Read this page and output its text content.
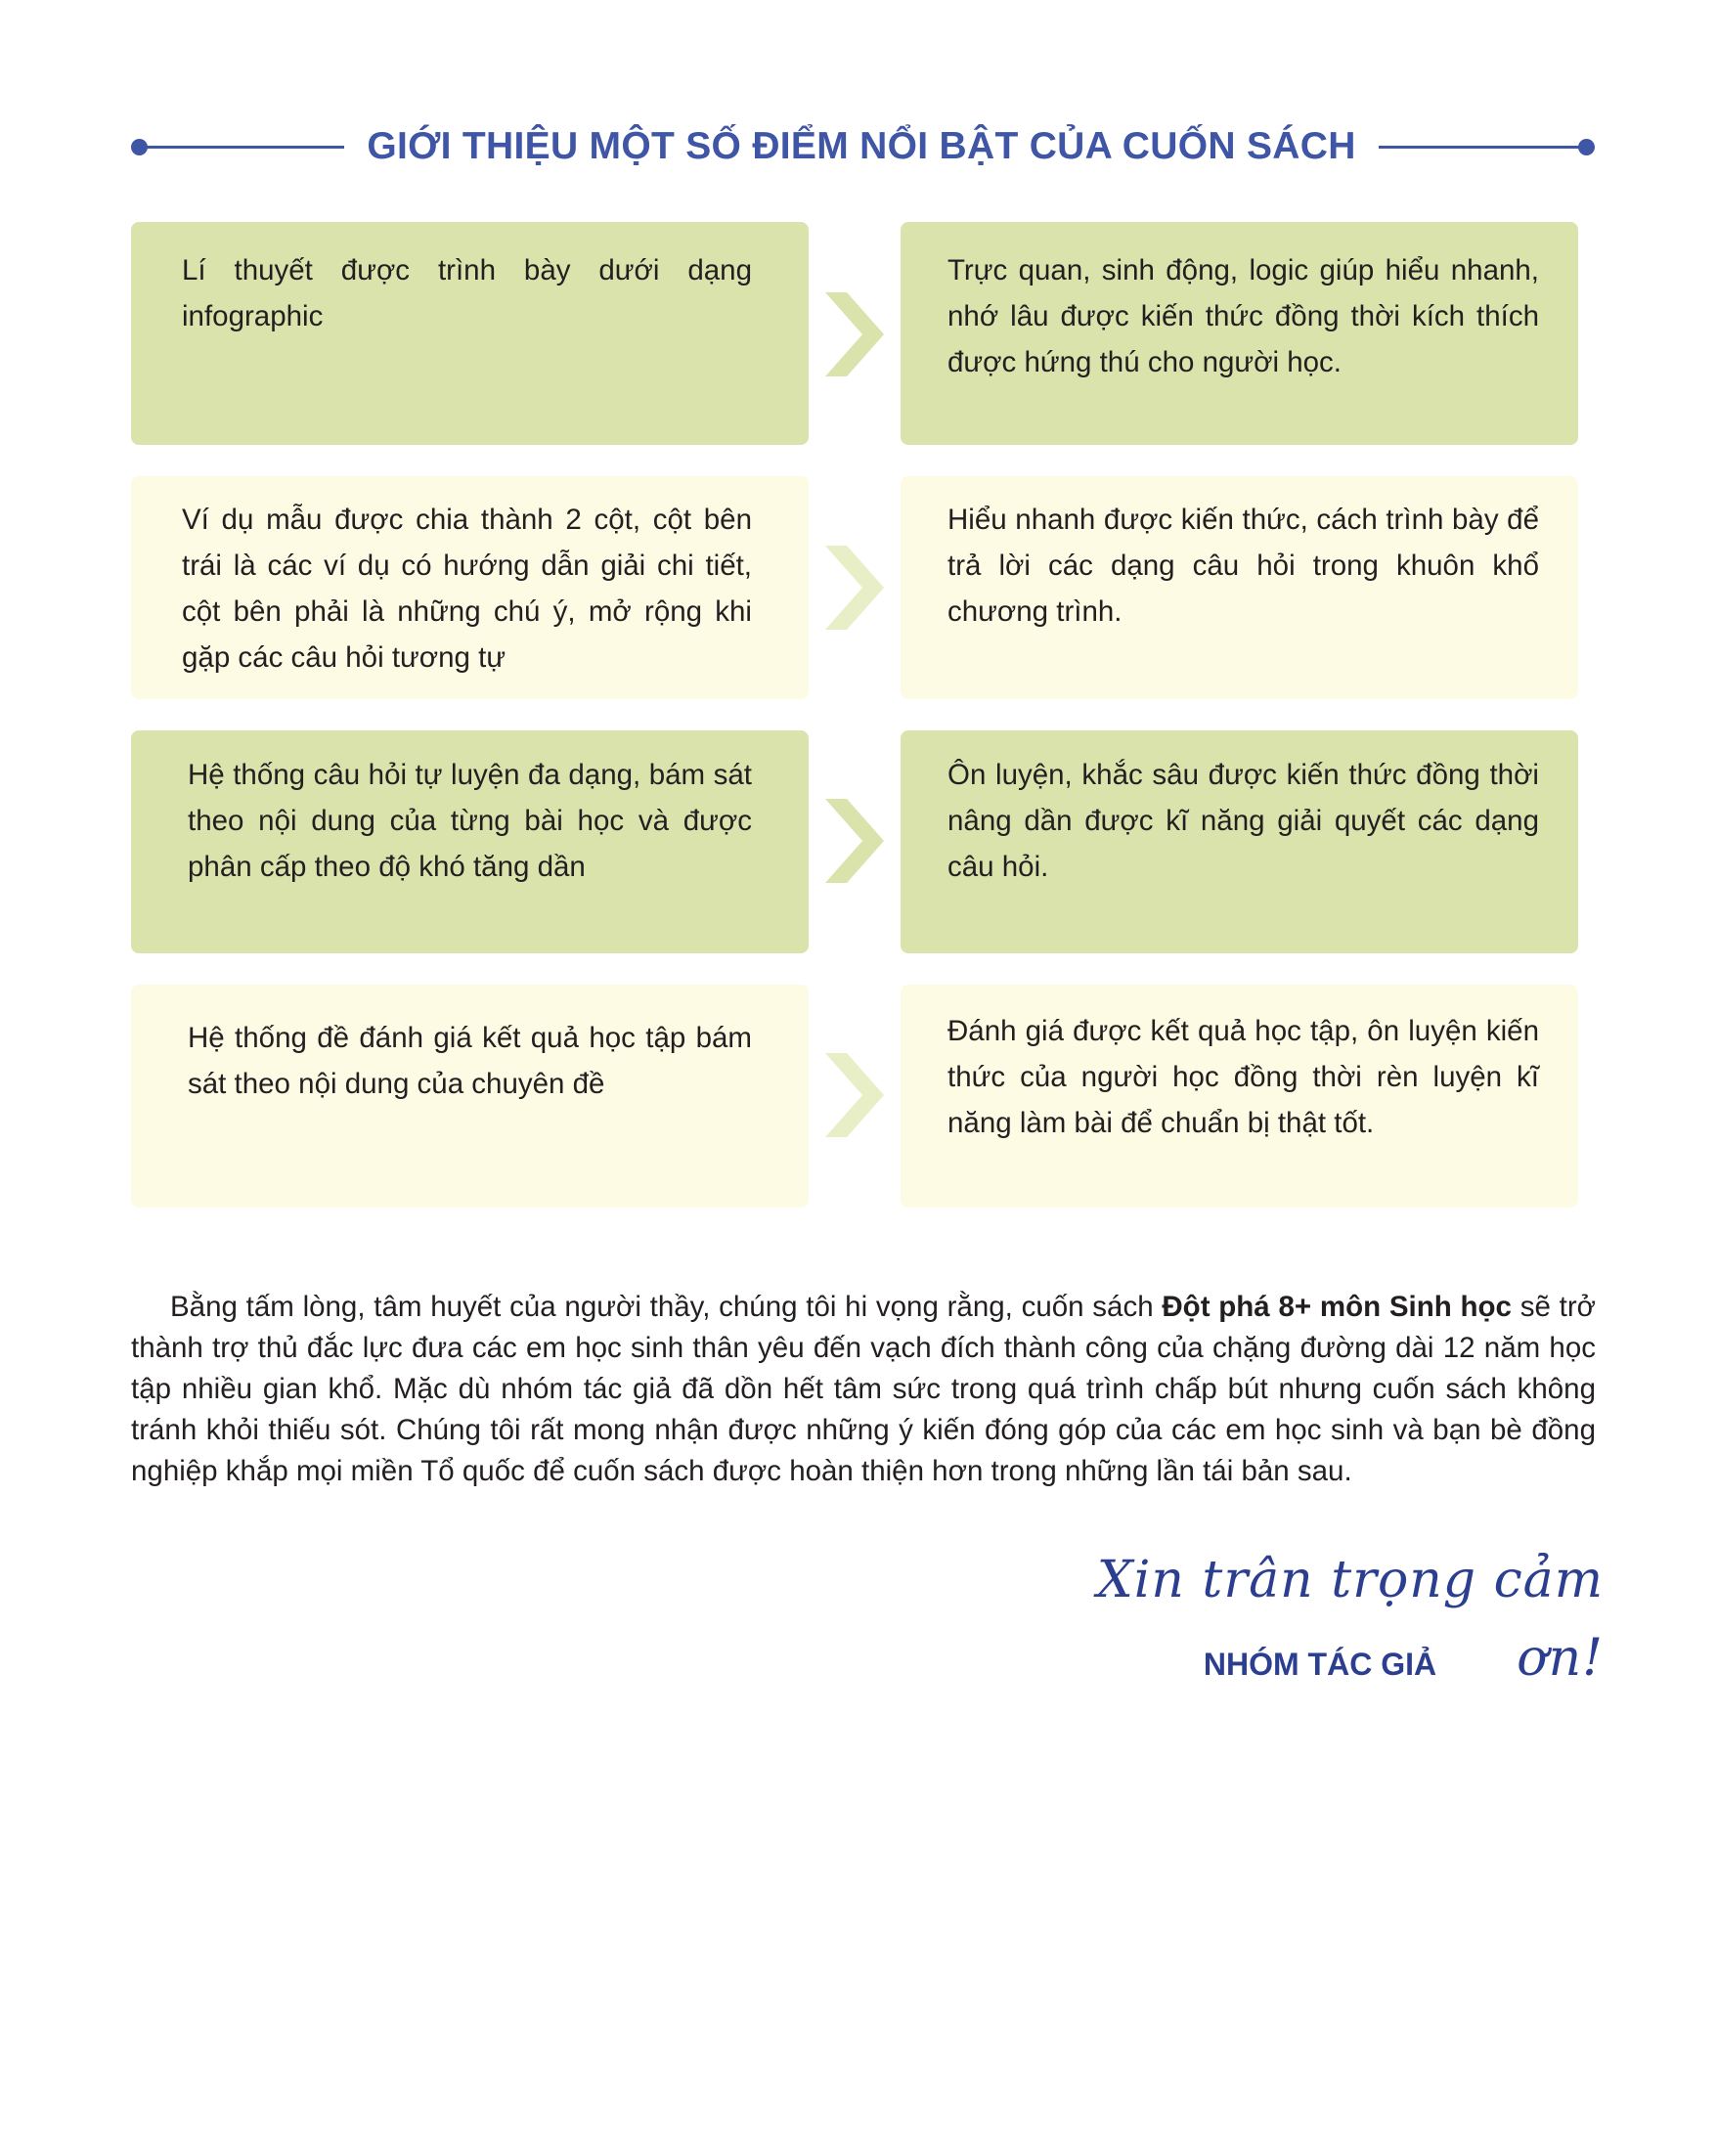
GIỚI THIỆU MỘT SỐ ĐIỂM NỔI BẬT CỦA CUỐN SÁCH
Lí thuyết được trình bày dưới dạng infographic
Trực quan, sinh động, logic giúp hiểu nhanh, nhớ lâu được kiến thức đồng thời kích thích được hứng thú cho người học.
Ví dụ mẫu được chia thành 2 cột, cột bên trái là các ví dụ có hướng dẫn giải chi tiết, cột bên phải là những chú ý, mở rộng khi gặp các câu hỏi tương tự
Hiểu nhanh được kiến thức, cách trình bày để trả lời các dạng câu hỏi trong khuôn khổ chương trình.
Hệ thống câu hỏi tự luyện đa dạng, bám sát theo nội dung của từng bài học và được phân cấp theo độ khó tăng dần
Ôn luyện, khắc sâu được kiến thức đồng thời nâng dần được kĩ năng giải quyết các dạng câu hỏi.
Hệ thống đề đánh giá kết quả học tập bám sát theo nội dung của chuyên đề
Đánh giá được kết quả học tập, ôn luyện kiến thức của người học đồng thời rèn luyện kĩ năng làm bài để chuẩn bị thật tốt.

Bằng tấm lòng, tâm huyết của người thầy, chúng tôi hi vọng rằng, cuốn sách Đột phá 8+ môn Sinh học sẽ trở thành trợ thủ đắc lực đưa các em học sinh thân yêu đến vạch đích thành công của chặng đường dài 12 năm học tập nhiều gian khổ. Mặc dù nhóm tác giả đã dồn hết tâm sức trong quá trình chấp bút nhưng cuốn sách không tránh khỏi thiếu sót. Chúng tôi rất mong nhận được những ý kiến đóng góp của các em học sinh và bạn bè đồng nghiệp khắp mọi miền Tổ quốc để cuốn sách được hoàn thiện hơn trong những lần tái bản sau.

Xin trân trọng cảm ơn!
NHÓM TÁC GIẢ
